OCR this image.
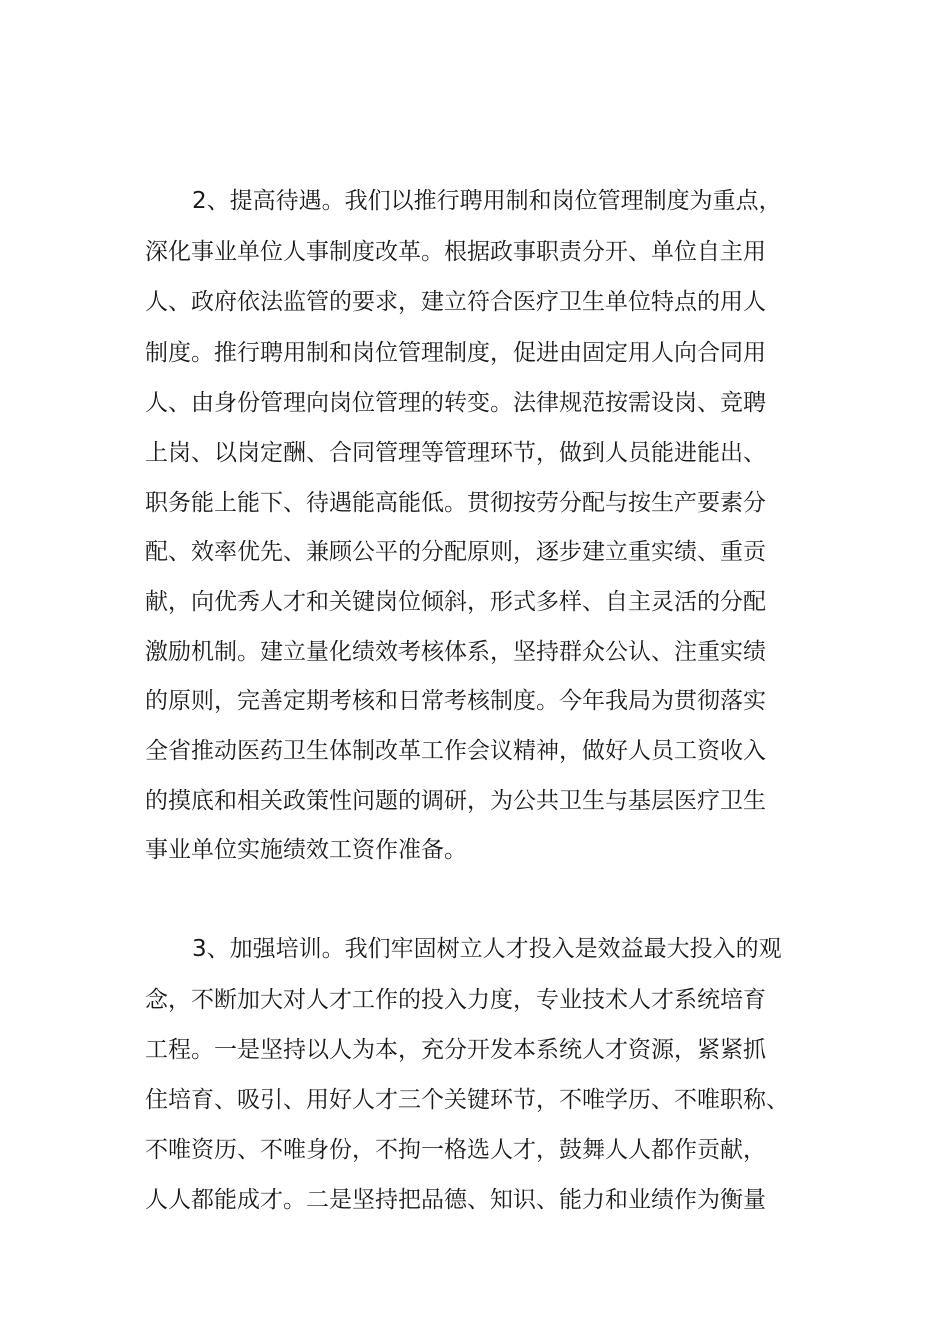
2、提高待遇。我们以推行聘用制和岗位管理制度为重点，
深化事业单位人事制度改革。根据政事职责分开、单位自主用
人、政府依法监管的要求，建立符合医疗卫生单位特点的用人
制度。推行聘用制和岗位管理制度，促进由固定用人向合同用
人、由身份管理向岗位管理的转变。法律规范按需设岗、竞聘
上岗、以岗定酬、合同管理等管理环节，做到人员能进能出、
职务能上能下、待遇能高能低。贯彻按劳分配与按生产要素分
配、效率优先、兼顾公平的分配原则，逐步建立重实绩、重贡
献，向优秀人才和关键岗位倾斜，形式多样、自主灵活的分配
激励机制。建立量化绩效考核体系，坚持群众公认、注重实绩
的原则，完善定期考核和日常考核制度。今年我局为贯彻落实
全省推动医药卫生体制改革工作会议精神，做好人员工资收入
的摸底和相关政策性问题的调研，为公共卫生与基层医疗卫生
事业单位实施绩效工资作准备。
3、加强培训。我们牢固树立人才投入是效益最大投入的观
念，不断加大对人才工作的投入力度，专业技术人才系统培育
工程。一是坚持以人为本，充分开发本系统人才资源，紧紧抓
住培育、吸引、用好人才三个关键环节，不唯学历、不唯职称、
不唯资历、不唯身份，不拘一格选人才，鼓舞人人都作贡献，
人人都能成才。二是坚持把品德、知识、能力和业绩作为衡量
